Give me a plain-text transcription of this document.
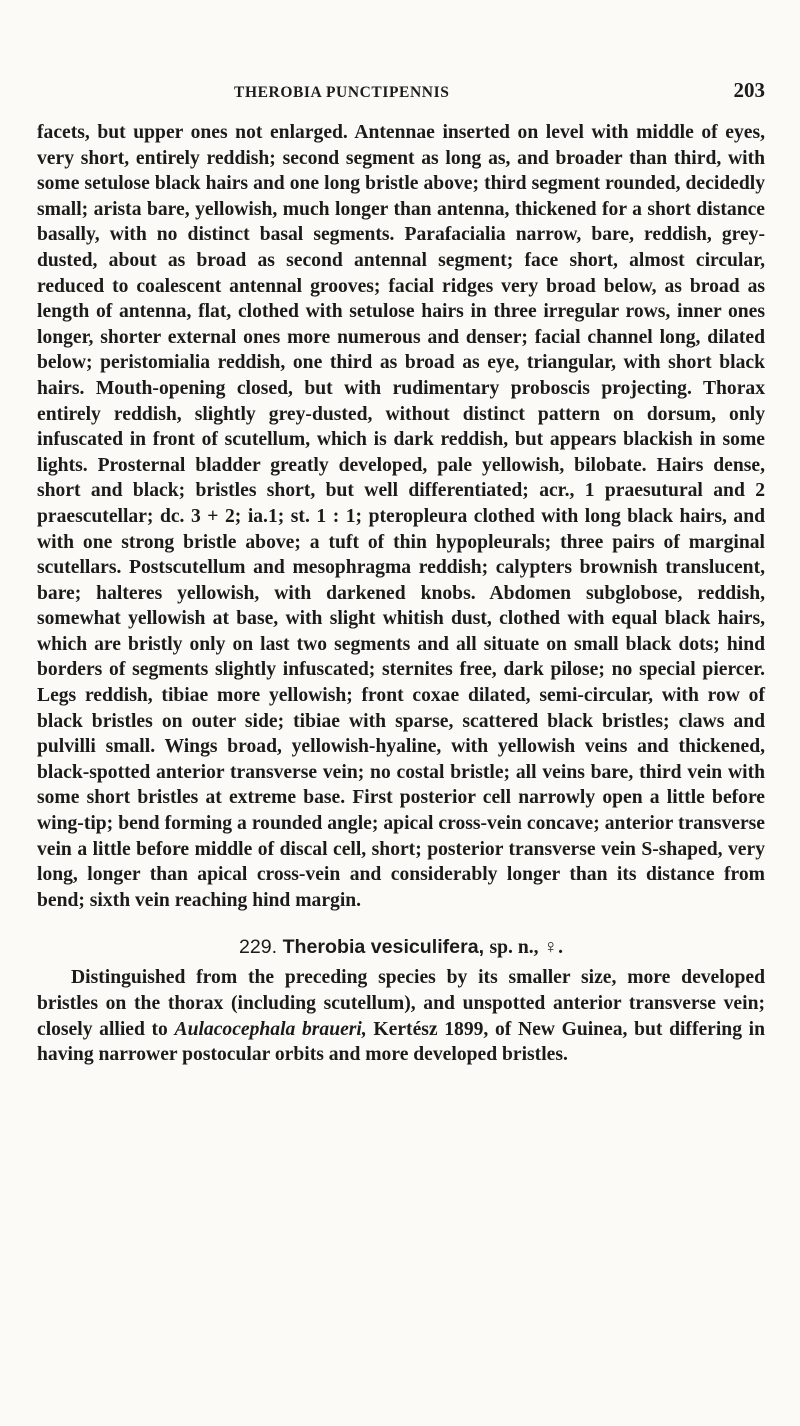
THEROBIA PUNCTIPENNIS	203

facets, but upper ones not enlarged. Antennae inserted on level with middle of eyes, very short, entirely reddish; second segment as long as, and broader than third, with some setulose black hairs and one long bristle above; third segment rounded, decidedly small; arista bare, yellowish, much longer than antenna, thickened for a short distance basally, with no distinct basal segments. Parafacialia narrow, bare, reddish, grey-dusted, about as broad as second antennal segment; face short, almost circular, reduced to coalescent antennal grooves; facial ridges very broad below, as broad as length of antenna, flat, clothed with setulose hairs in three irregular rows, inner ones longer, shorter external ones more numerous and denser; facial channel long, dilated below; peristomialia reddish, one third as broad as eye, triangular, with short black hairs. Mouth-opening closed, but with rudimentary proboscis projecting. Thorax entirely reddish, slightly grey-dusted, without distinct pattern on dorsum, only infuscated in front of scutellum, which is dark reddish, but appears blackish in some lights. Prosternal bladder greatly developed, pale yellowish, bilobate. Hairs dense, short and black; bristles short, but well differentiated; acr., 1 praesutural and 2 praescutellar; dc. 3 + 2; ia.1; st. 1 : 1; pteropleura clothed with long black hairs, and with one strong bristle above; a tuft of thin hypopleurals; three pairs of marginal scutellars. Postscutellum and mesophragma reddish; calypters brownish translucent, bare; halteres yellowish, with darkened knobs. Abdomen subglobose, reddish, somewhat yellowish at base, with slight whitish dust, clothed with equal black hairs, which are bristly only on last two segments and all situate on small black dots; hind borders of segments slightly infuscated; sternites free, dark pilose; no special piercer. Legs reddish, tibiae more yellowish; front coxae dilated, semi-circular, with row of black bristles on outer side; tibiae with sparse, scattered black bristles; claws and pulvilli small. Wings broad, yellowish-hyaline, with yellowish veins and thickened, black-spotted anterior transverse vein; no costal bristle; all veins bare, third vein with some short bristles at extreme base. First posterior cell narrowly open a little before wing-tip; bend forming a rounded angle; apical cross-vein concave; anterior transverse vein a little before middle of discal cell, short; posterior transverse vein S-shaped, very long, longer than apical cross-vein and considerably longer than its distance from bend; sixth vein reaching hind margin.

229. Therobia vesiculifera, sp. n., ♀.

Distinguished from the preceding species by its smaller size, more developed bristles on the thorax (including scutellum), and unspotted anterior transverse vein; closely allied to Aulacocephala braueri, Kertész 1899, of New Guinea, but differing in having narrower postocular orbits and more developed bristles.
